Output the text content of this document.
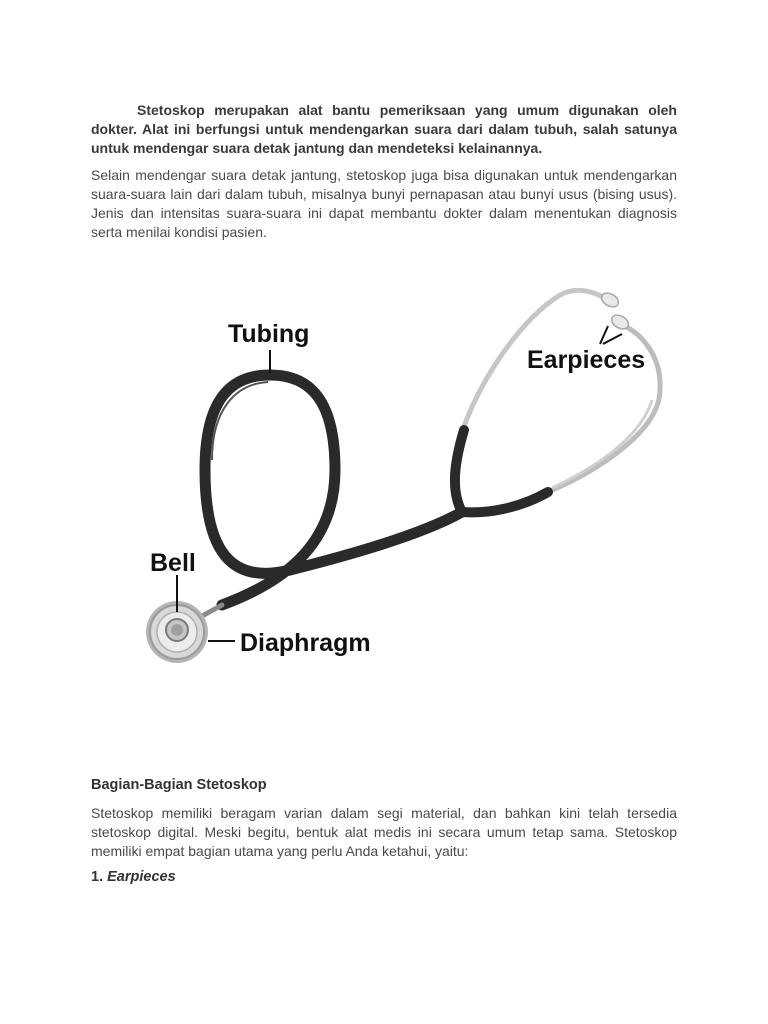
Stetoskop merupakan alat bantu pemeriksaan yang umum digunakan oleh dokter. Alat ini berfungsi untuk mendengarkan suara dari dalam tubuh, salah satunya untuk mendengar suara detak jantung dan mendeteksi kelainannya.

Selain mendengar suara detak jantung, stetoskop juga bisa digunakan untuk mendengarkan suara-suara lain dari dalam tubuh, misalnya bunyi pernapasan atau bunyi usus (bising usus). Jenis dan intensitas suara-suara ini dapat membantu dokter dalam menentukan diagnosis serta menilai kondisi pasien.

Tubing
Earpieces
Bell
Diaphragm
Bagian-Bagian Stetoskop

Stetoskop memiliki beragam varian dalam segi material, dan bahkan kini telah tersedia stetoskop digital. Meski begitu, bentuk alat medis ini secara umum tetap sama. Stetoskop memiliki empat bagian utama yang perlu Anda ketahui, yaitu:

1. Earpieces
